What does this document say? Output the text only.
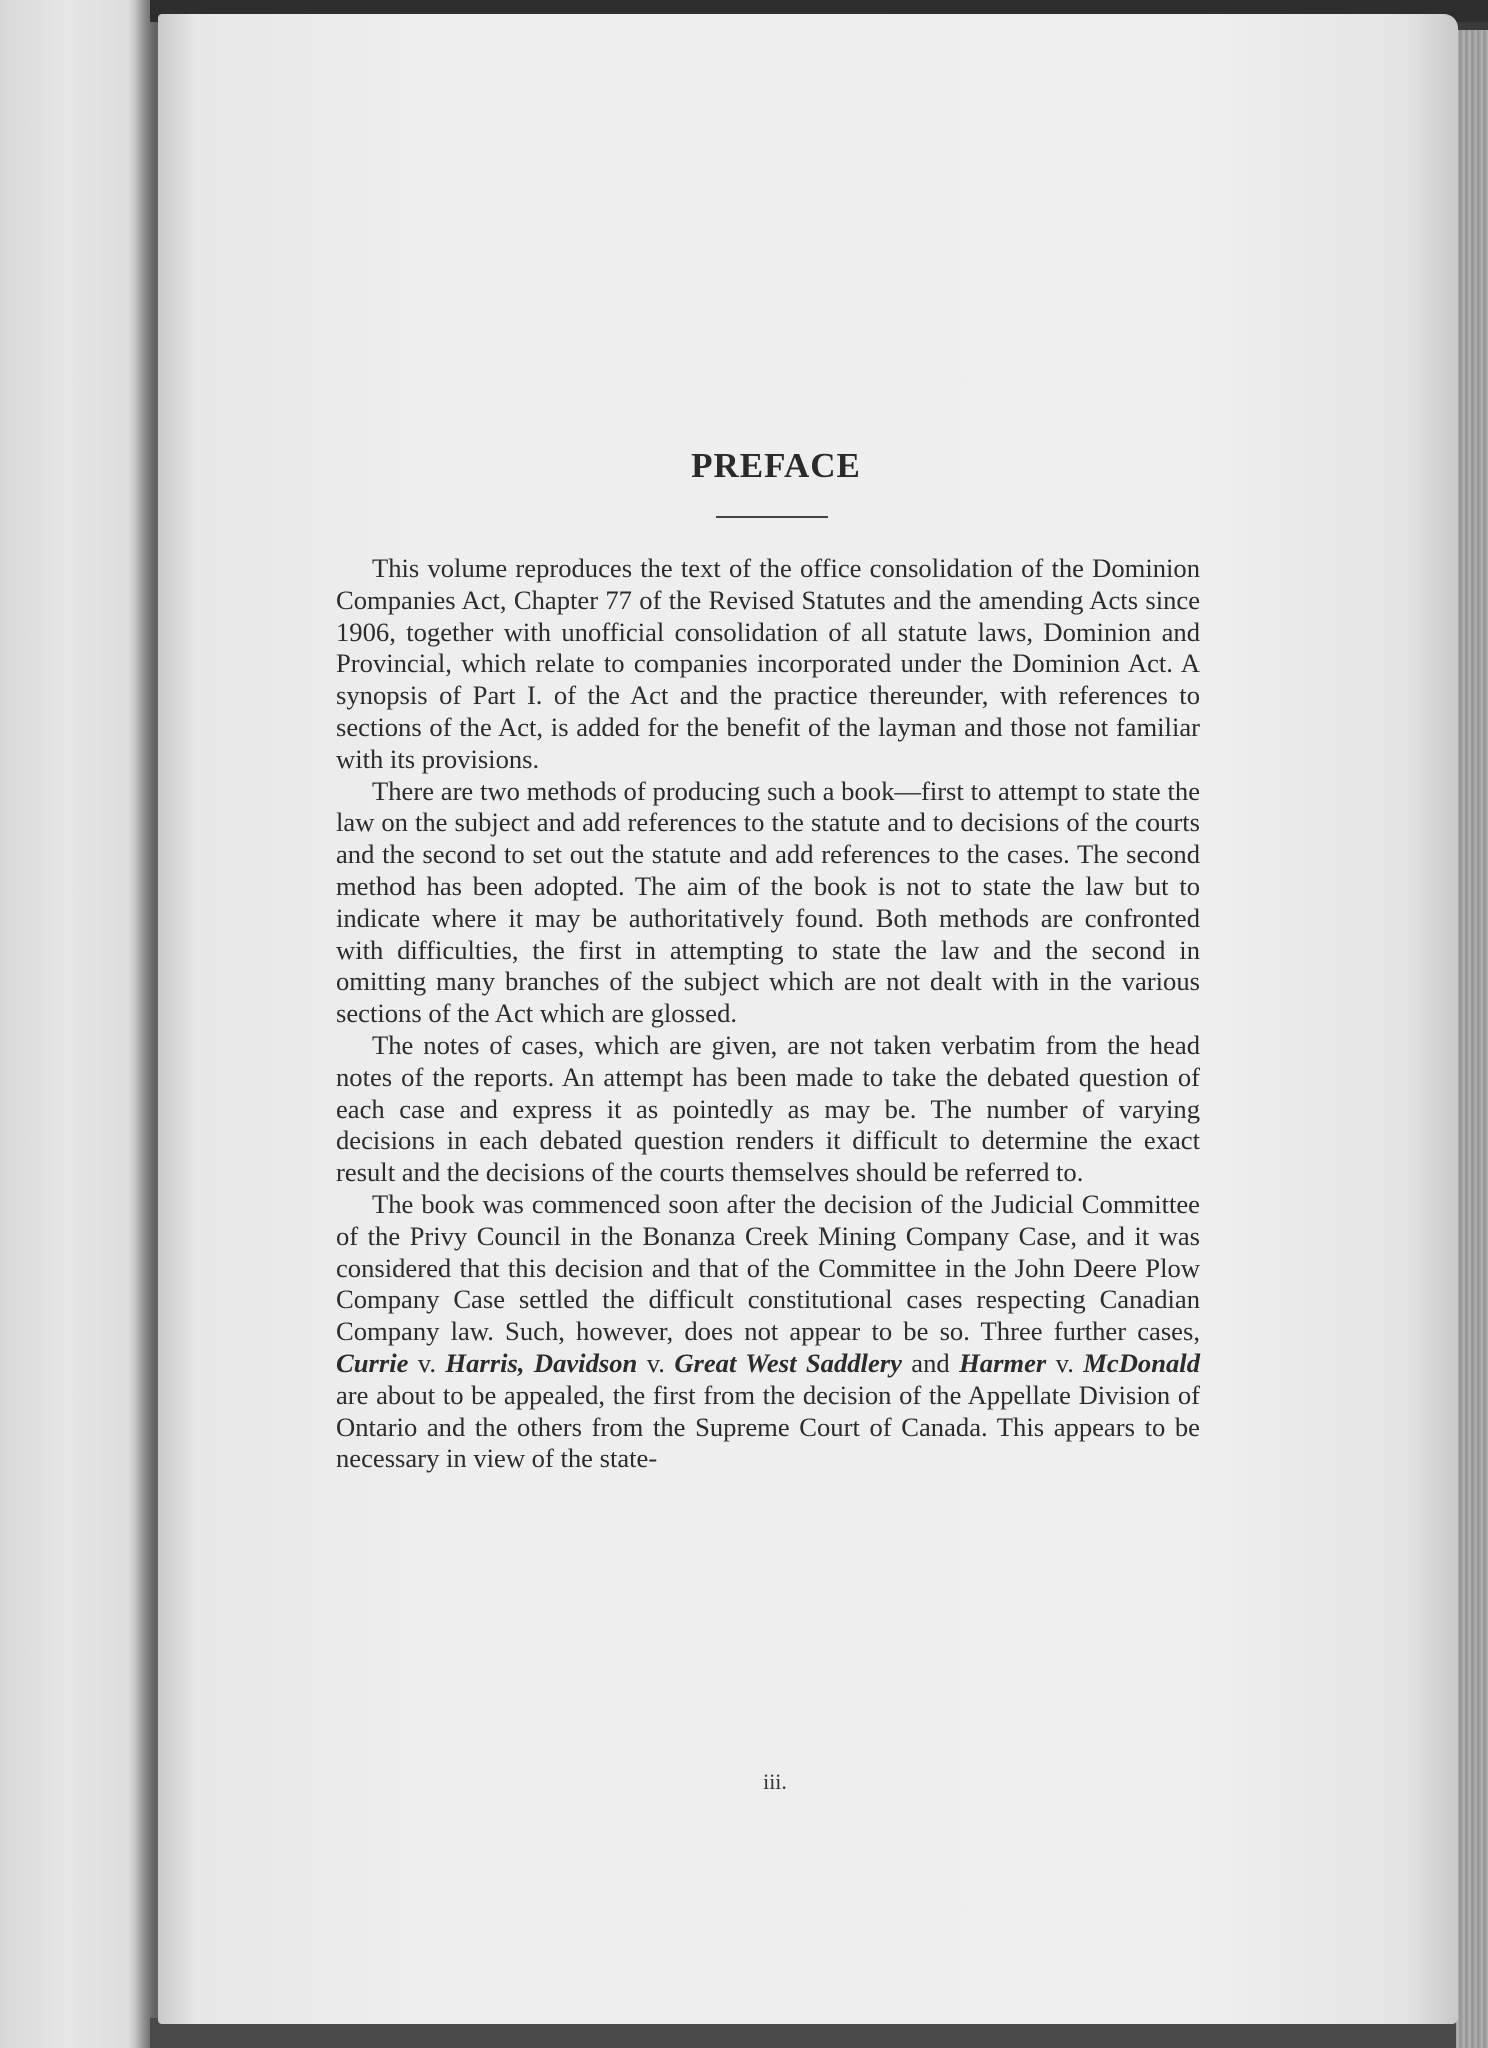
PREFACE

This volume reproduces the text of the office consolidation of the Dominion Companies Act, Chapter 77 of the Revised Statutes and the amending Acts since 1906, together with unofficial consolidation of all statute laws, Dominion and Provincial, which relate to companies incorporated under the Dominion Act. A synopsis of Part I. of the Act and the practice thereunder, with references to sections of the Act, is added for the benefit of the layman and those not familiar with its provisions.

There are two methods of producing such a book—first to attempt to state the law on the subject and add references to the statute and to decisions of the courts and the second to set out the statute and add references to the cases. The second method has been adopted. The aim of the book is not to state the law but to indicate where it may be authoritatively found. Both methods are confronted with difficulties, the first in attempting to state the law and the second in omitting many branches of the subject which are not dealt with in the various sections of the Act which are glossed.

The notes of cases, which are given, are not taken verbatim from the head notes of the reports. An attempt has been made to take the debated question of each case and express it as pointedly as may be. The number of varying decisions in each debated question renders it difficult to determine the exact result and the decisions of the courts themselves should be referred to.

The book was commenced soon after the decision of the Judicial Committee of the Privy Council in the Bonanza Creek Mining Company Case, and it was considered that this decision and that of the Committee in the John Deere Plow Company Case settled the difficult constitutional cases respecting Canadian Company law. Such, however, does not appear to be so. Three further cases, Currie v. Harris, Davidson v. Great West Saddlery and Harmer v. McDonald are about to be appealed, the first from the decision of the Appellate Division of Ontario and the others from the Supreme Court of Canada. This appears to be necessary in view of the state-

iii.
